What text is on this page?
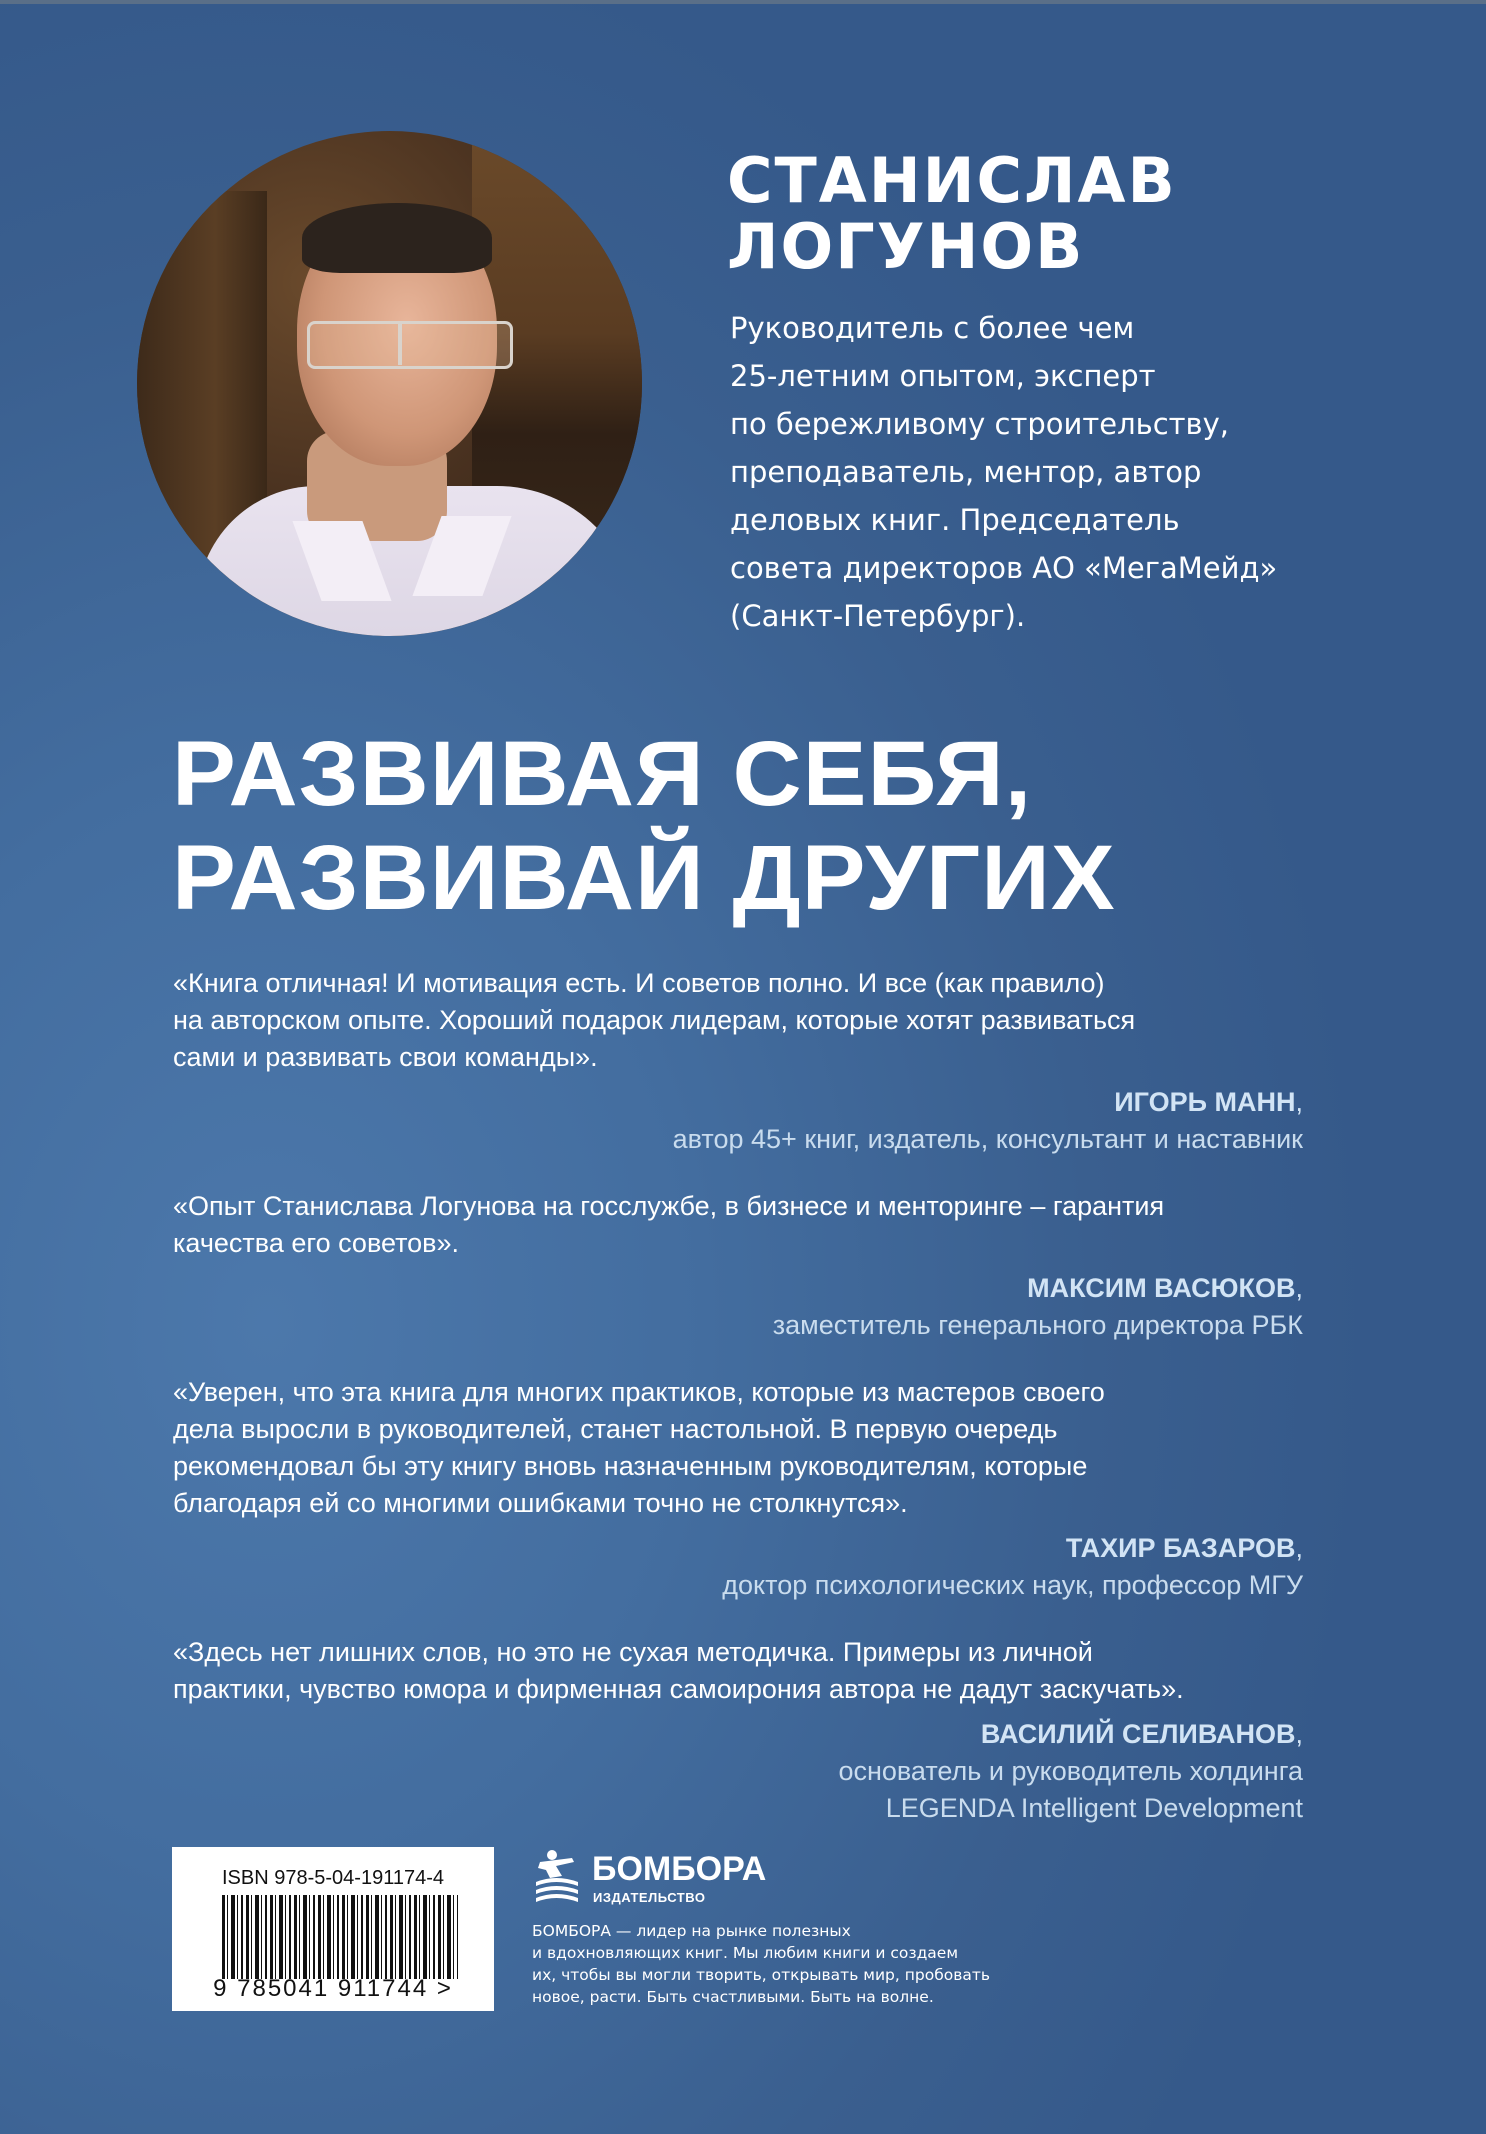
СТАНИСЛАВ
ЛОГУНОВ
Руководитель с более чем
25-летним опытом, эксперт
по бережливому строительству,
преподаватель, ментор, автор
деловых книг. Председатель
совета директоров АО «МегаМейд»
(Санкт-Петербург).
РАЗВИВАЯ СЕБЯ,
РАЗВИВАЙ ДРУГИХ
«Книга отличная! И мотивация есть. И советов полно. И все (как правило)
на авторском опыте. Хороший подарок лидерам, которые хотят развиваться
сами и развивать свои команды».
ИГОРЬ МАНН,
автор 45+ книг, издатель, консультант и наставник
«Опыт Станислава Логунова на госслужбе, в бизнесе и менторинге – гарантия
качества его советов».
МАКСИМ ВАСЮКОВ,
заместитель генерального директора РБК
«Уверен, что эта книга для многих практиков, которые из мастеров своего
дела выросли в руководителей, станет настольной. В первую очередь
рекомендовал бы эту книгу вновь назначенным руководителям, которые
благодаря ей со многими ошибками точно не столкнутся».
ТАХИР БАЗАРОВ,
доктор психологических наук, профессор МГУ
«Здесь нет лишних слов, но это не сухая методичка. Примеры из личной
практики, чувство юмора и фирменная самоирония автора не дадут заскучать».
ВАСИЛИЙ СЕЛИВАНОВ,
основатель и руководитель холдинга
LEGENDA Intelligent Development
ISBN 978-5-04-191174-4
9 785041 911744 >
БОМБОРА
ИЗДАТЕЛЬСТВО
БОМБОРА — лидер на рынке полезных
и вдохновляющих книг. Мы любим книги и создаем
их, чтобы вы могли творить, открывать мир, пробовать
новое, расти. Быть счастливыми. Быть на волне.
